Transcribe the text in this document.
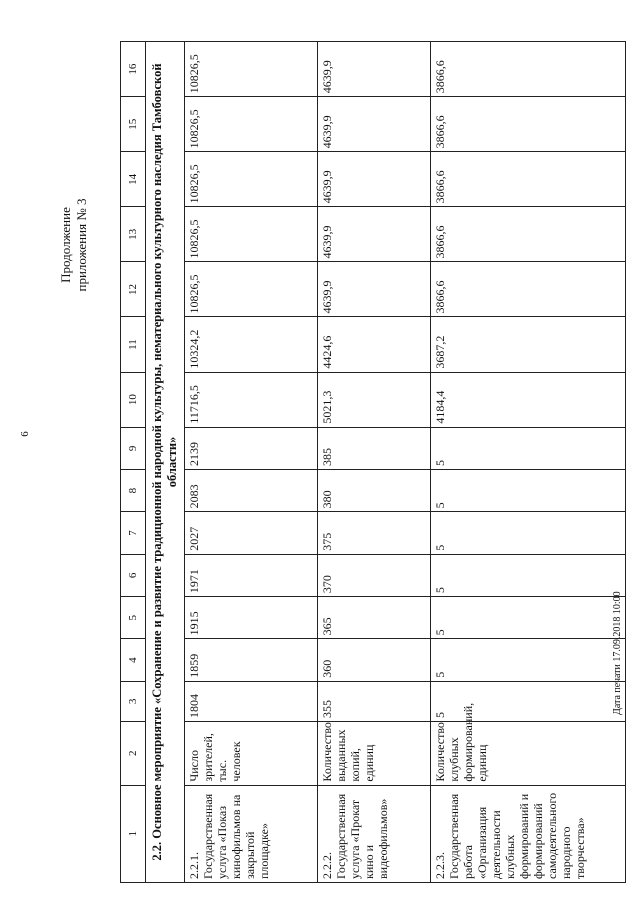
6
Продолжение приложения № 3
Дата печати 17.09.2018 10:00
1	2	3	4	5	6	7	8	9	10	11	12	13	14	15	16
2.2. Основное мероприятие «Сохранение и развитие традиционной народной культуры, нематериального культурного наследия Тамбовской области»															
2.2.1. Государственная услуга «Показ кинофильмов на закрытой площадке»	Число зрителей, тыс. человек	1804	1859	1915	1971	2027	2083	2139	11716,5	10324,2	10826,5	10826,5	10826,5	10826,5	10826,5
2.2.2. Государственная услуга «Прокат кино и видеофильмов»	Количество выданных копий, единиц	355	360	365	370	375	380	385	5021,3	4424,6	4639,9	4639,9	4639,9	4639,9	4639,9
2.2.3. Государственная работа «Организация деятельности клубных формирований и формирований самодеятельного народного творчества»	Количество клубных формирований, единиц	5	5	5	5	5	5	5	4184,4	3687,2	3866,6	3866,6	3866,6	3866,6	3866,6
